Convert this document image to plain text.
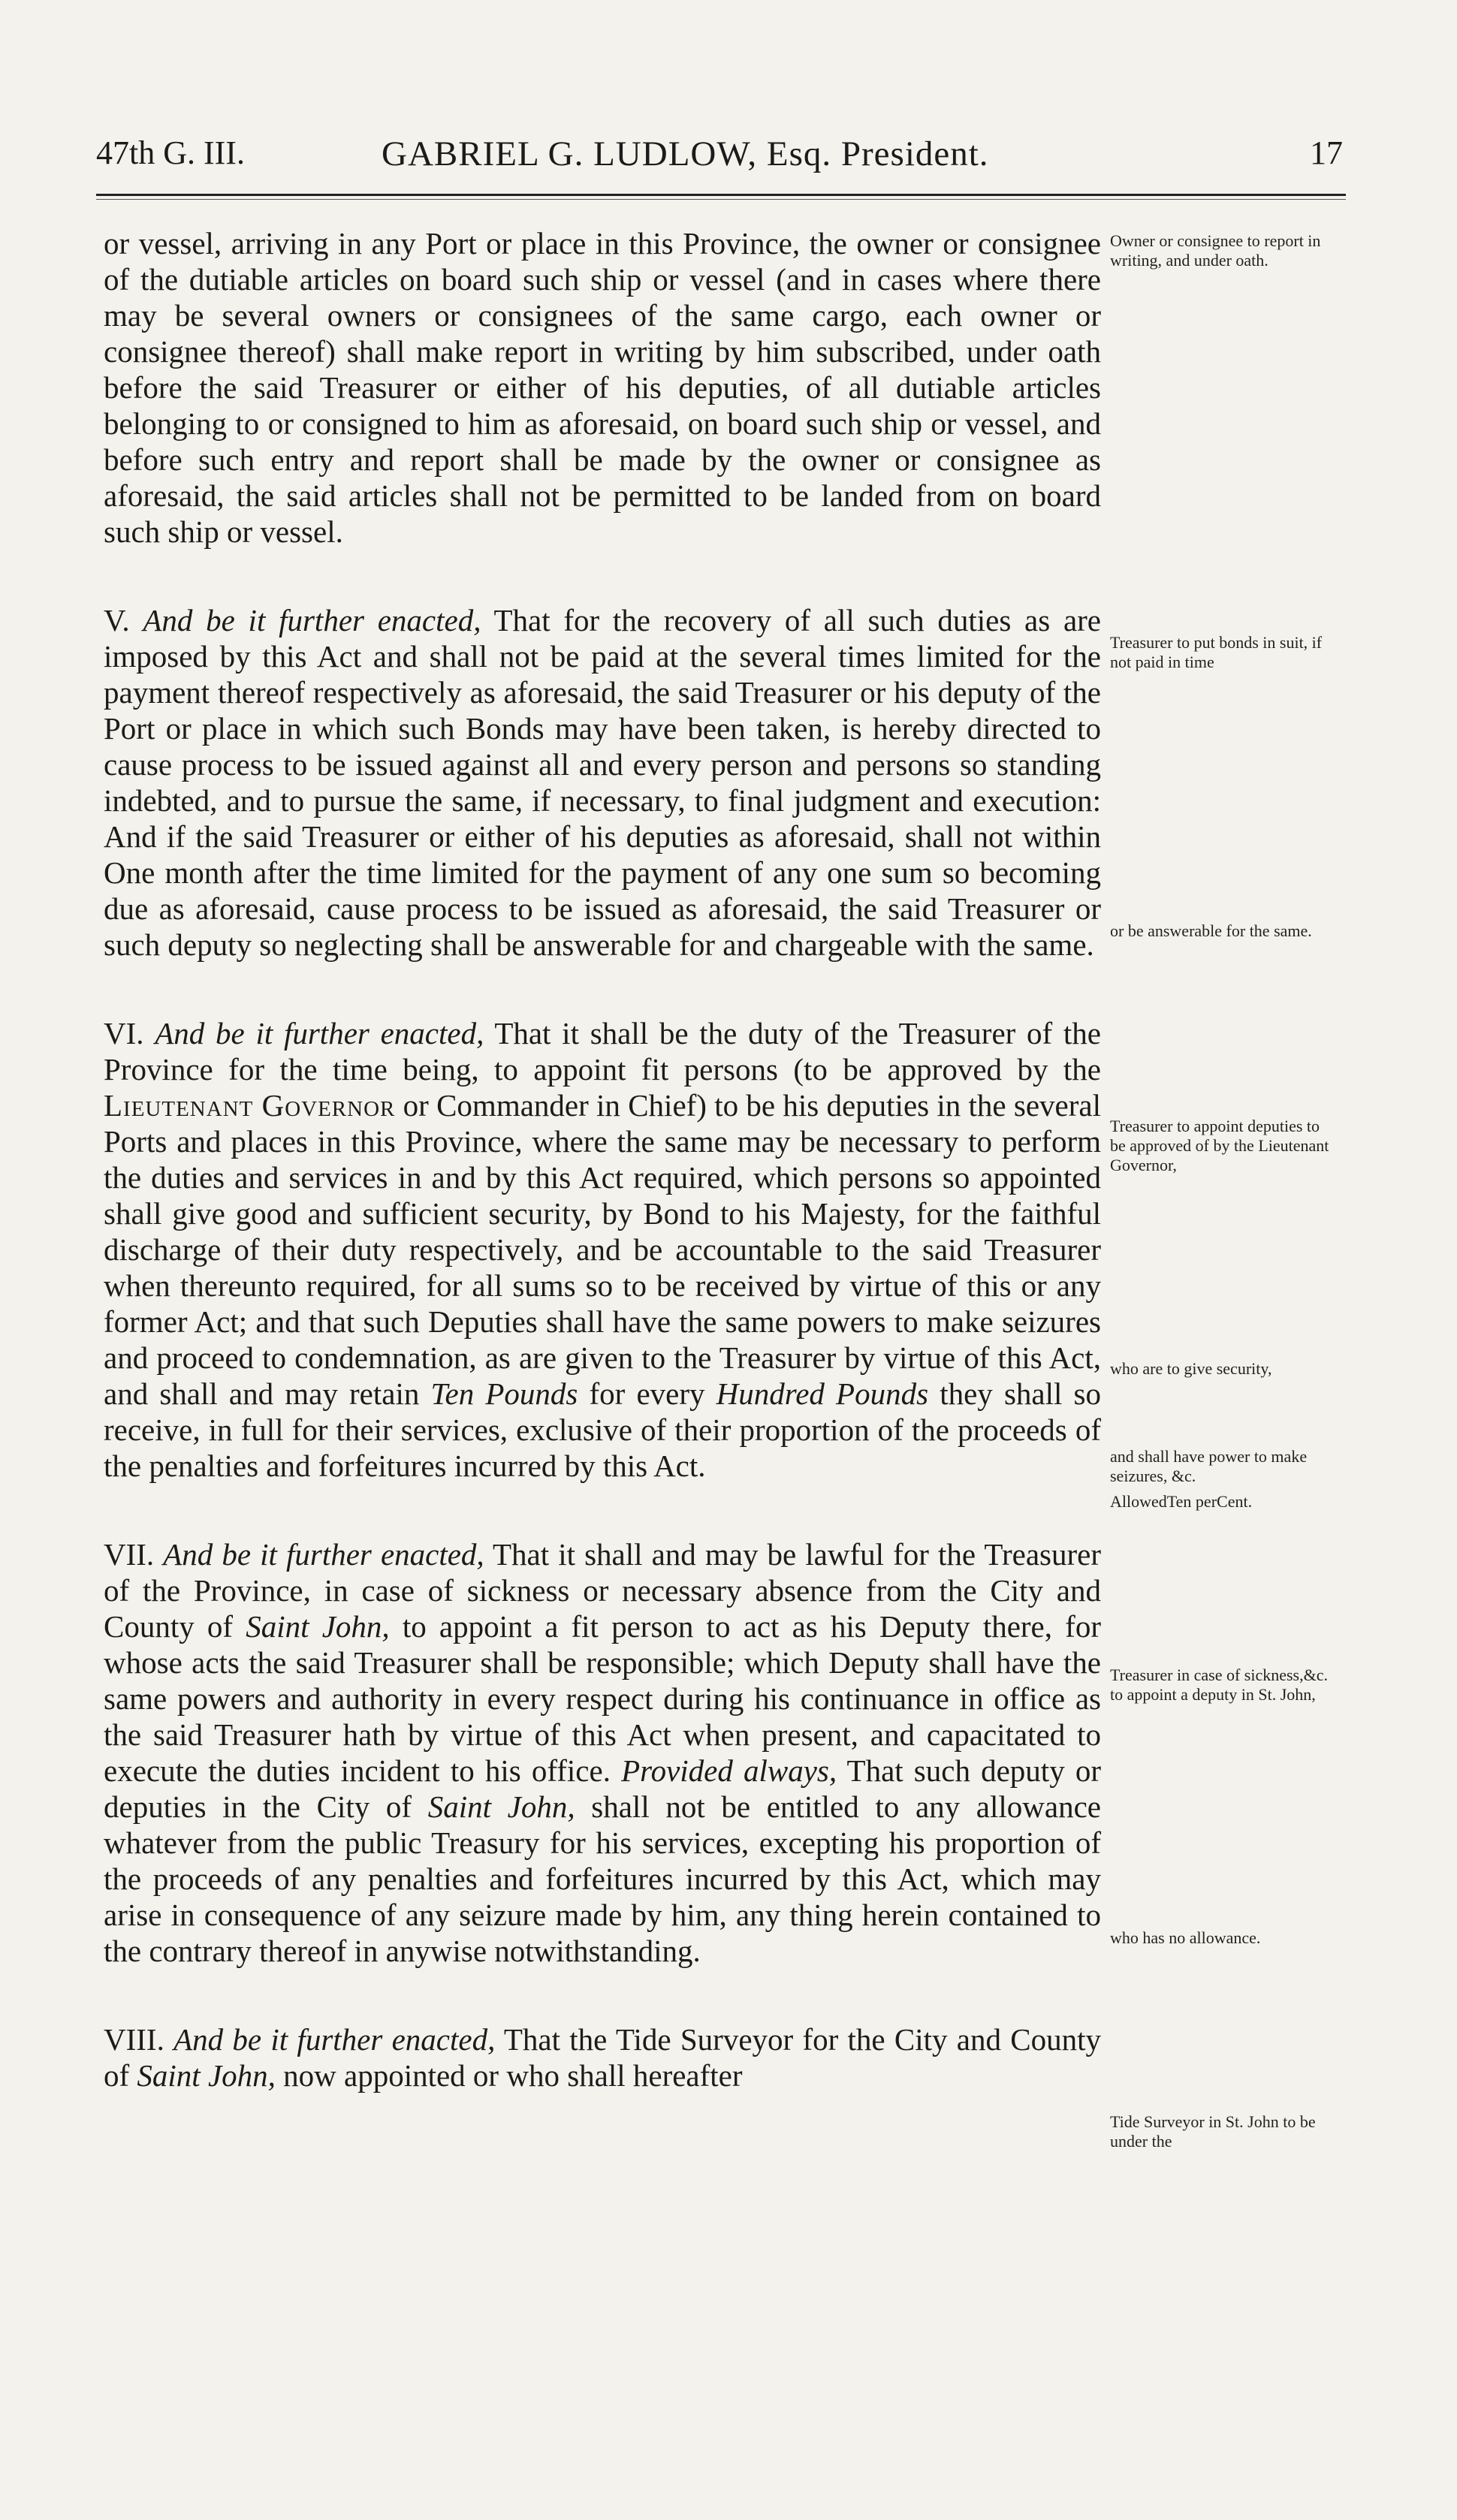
47th G. III.	GABRIEL G. LUDLOW, Esq. President.	17

or vessel, arriving in any Port or place in this Province, the owner or consignee of the dutiable articles on board such ship or vessel (and in cases where there may be several owners or consignees of the same cargo, each owner or consignee thereof) shall make report in writing by him subscribed, under oath before the said Treasurer or either of his deputies, of all dutiable articles belonging to or consigned to him as aforesaid, on board such ship or vessel, and before such entry and report shall be made by the owner or consignee as aforesaid, the said articles shall not be permitted to be landed from on board such ship or vessel.

V. And be it further enacted, That for the recovery of all such duties as are imposed by this Act and shall not be paid at the several times limited for the payment thereof respectively as aforesaid, the said Treasurer or his deputy of the Port or place in which such Bonds may have been taken, is hereby directed to cause process to be issued against all and every person and persons so standing indebted, and to pursue the same, if necessary, to final judgment and execution: And if the said Treasurer or either of his deputies as aforesaid, shall not within One month after the time limited for the payment of any one sum so becoming due as aforesaid, cause process to be issued as aforesaid, the said Treasurer or such deputy so neglecting shall be answerable for and chargeable with the same.

VI. And be it further enacted, That it shall be the duty of the Treasurer of the Province for the time being, to appoint fit persons (to be approved by the Lieutenant Governor or Commander in Chief) to be his deputies in the several Ports and places in this Province, where the same may be necessary to perform the duties and services in and by this Act required, which persons so appointed shall give good and sufficient security, by Bond to his Majesty, for the faithful discharge of their duty respectively, and be accountable to the said Treasurer when thereunto required, for all sums so to be received by virtue of this or any former Act; and that such Deputies shall have the same powers to make seizures and proceed to condemnation, as are given to the Treasurer by virtue of this Act, and shall and may retain Ten Pounds for every Hundred Pounds they shall so receive, in full for their services, exclusive of their proportion of the proceeds of the penalties and forfeitures incurred by this Act.

VII. And be it further enacted, That it shall and may be lawful for the Treasurer of the Province, in case of sickness or necessary absence from the City and County of Saint John, to appoint a fit person to act as his Deputy there, for whose acts the said Treasurer shall be responsible; which Deputy shall have the same powers and authority in every respect during his continuance in office as the said Treasurer hath by virtue of this Act when present, and capacitated to execute the duties incident to his office. Provided always, That such deputy or deputies in the City of Saint John, shall not be entitled to any allowance whatever from the public Treasury for his services, excepting his proportion of the proceeds of any penalties and forfeitures incurred by this Act, which may arise in consequence of any seizure made by him, any thing herein contained to the contrary thereof in anywise notwithstanding.

VIII. And be it further enacted, That the Tide Surveyor for the City and County of Saint John, now appointed or who shall hereafter

Owner or consignee to report in writing, and under oath.
Treasurer to put bonds in suit, if not paid in time
or be answerable for the same.
Treasurer to appoint deputies to be approved of by the Lieutenant Governor,
who are to give security,
and shall have power to make seizures, &c.
AllowedTen perCent.
Treasurer in case of sickness,&c. to appoint a deputy in St. John,
who has no allowance.
Tide Surveyor in St. John to be under the
